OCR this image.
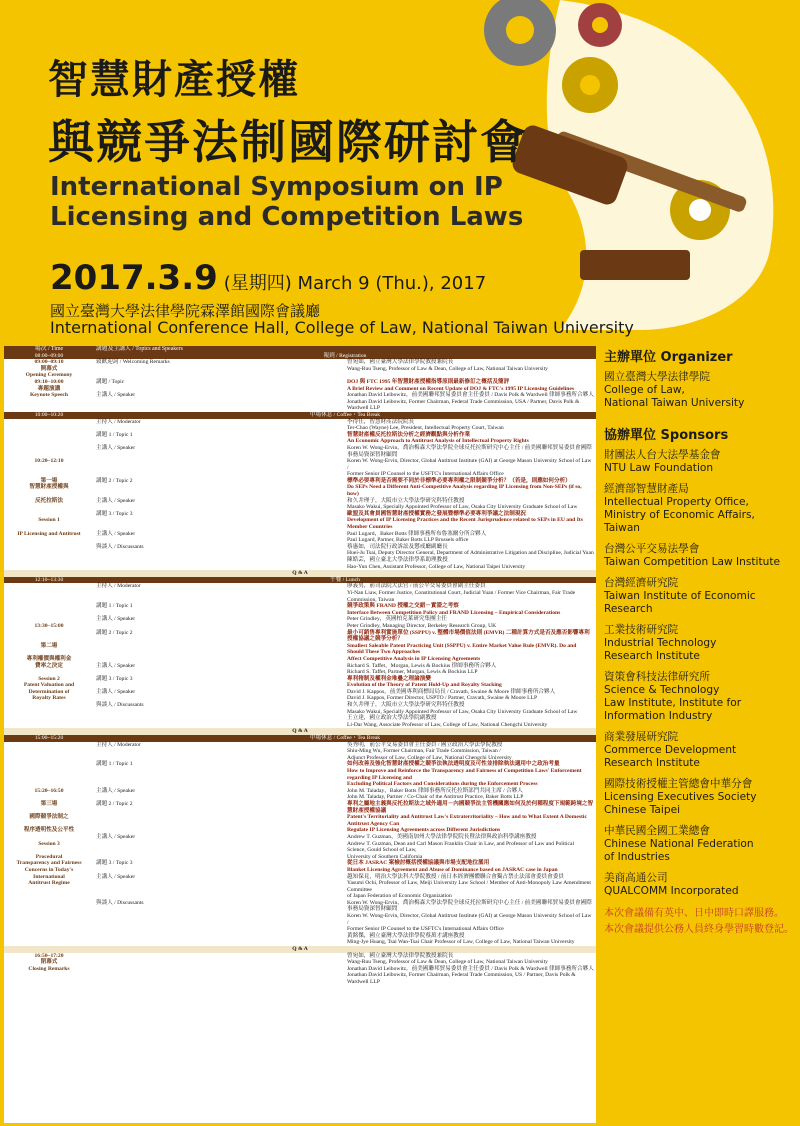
智慧財產授權
與競爭法制國際研討會
International Symposium on IP
Licensing and Competition Laws
2017.3.9 (星期四) March 9 (Thu.), 2017
國立臺灣大學法律學院霖澤館國際會議廳
International Conference Hall, College of Law, National Taiwan University
場次 / Time	講題及主講人 / Topics and Speakers	
08:00~09:00	報到 / Registration	
09:00~09:10	致歡迎詞 / Welcoming Remarks	曾宛如，國立臺灣大學法律學院教授兼院長
開幕式		Wang-Ruu Tseng, Professor of Law & Dean, College of Law, National Taiwan University
Opening Ceremony		
09:10~10:00	講題 / Topic	DOJ 與 FTC 1995 年智慧財產授權指導原則最新修訂之概括及簡評
專題演講		A Brief Review and Comment on Recent Update of DOJ & FTC's 1995 IP Licensing Guidelines
Keynote Speech	主講人 / Speaker	Jonathan David Leibowitz，前美國聯邦貿易委員會主任委員 / Davis Polk & Wardwell 律師事務所合夥人
		Jonathan David Leibowitz, Former Chairman, Federal Trade Commission, USA / Partner, Davis Polk & Wardwell LLP
10:00~10:20	中場休息 / Coffee・Tea Break	
	主持人 / Moderator	李得仕，智慧財產法院院長
		Ter-Chao (Wayne) Lee, President, Intellectual Property Court, Taiwan
	講題 1 / Topic 1	智慧財產權反托拉斯法分析之經濟觀點與分析作業
		An Economic Approach to Antitrust Analysis of Intellectual Property Rights
	主講人 / Speaker	Koren W. Wong-Ervin，喬治梅森大學法學院全球反托拉斯研究中心主任 / 前美國聯邦貿易委員會國際事務局資深智財顧問
10:20~12:10		Koren W. Wong-Ervin, Director, Global Antitrust Institute (GAI) at George Mason University School of Law /
		Former Senior IP Counsel to the USFTC's International Affairs Office
第一場	講題 2 / Topic 2	標準必要專利是否需要不同於非標準必要專利權之限制競爭分析？（若是，則應如何分析）
智慧財產授權與		Do SEPs Need a Different Anti-Competitive Analysis regarding IP Licensing from Non-SEPs (if so, how)
反托拉斯法	主講人 / Speaker	和久井理子，大阪市立大學法學研究科特任教授
		Masako Wakui, Specially Appointed Professor of Law, Osaka City University Graduate School of Law
	講題 3 / Topic 3	歐盟及其會員國智慧財產授權實務之發展暨標準必要專利爭議之法制現況
Session 1		Development of IP Licensing Practices and the Recent Jurisprudence related to SEPs in EU and Its Member Countries
IP Licensing and Antitrust	主講人 / Speaker	Paul Lugard，Baker Botts 律師事務所布魯塞爾分所合夥人
		Paul Lugard, Partner, Baker Botts LLP Brussels office
	與談人 / Discussants	蔡惠如，司法院行政訴訟及懲戒廳副廳長
		Huei-Ju Tsai, Deputy Director General, Department of Administrative Litigation and Discipline, Judicial Yuan
		陳皓芸，國立臺北大學法律學系助理教授
		Hao-Yun Chen, Assistant Professor, College of Law, National Taipei University
Q & A		
12:10~13:30	午餐 / Lunch	
	主持人 / Moderator	廖義男，前司法院大法官 / 前公平交易委員會副主任委員
		Yi-Nan Liaw, Former Justice, Constitutional Court, Judicial Yuan / Former Vice Chairman, Fair Trade Commission, Taiwan
	講題 1 / Topic 1	競爭政策與 FRAND 授權之交錯－實證之考察
		Interface Between Competition Policy and FRAND Licensing – Empirical Considerations
	主講人 / Speaker	Peter Grindley，英國柏克萊研究集團主任
13:30~15:00		Peter Grindley, Managing Director, Berkeley Research Group, UK
	講題 2 / Topic 2	最小可銷售專利實施單位 (SSPPU) v. 整體市場價值法則 (EMVR) 二種計算方式是否及應否影響專利授權協議之競爭分析？
第二場		Smallest Saleable Patent Practicing Unit (SSPPU) v. Entire Market Value Rule (EMVR). Do and Should These Two Approaches
專利權價與權利金		Affect Competitive Analysis in IP Licensing Agreements
費率之決定	主講人 / Speaker	Richard S. Taffet，Morgan, Lewis & Bockius 律師事務所合夥人
		Richard S. Taffet, Partner, Morgan, Lewis & Bockius LLP
Session 2	講題 3 / Topic 3	專利箝制及權利金堆疊之理論演變
Patent Valuation and		Evolution of the Theory of Patent Hold-Up and Royalty Stacking
Determination of	主講人 / Speaker	David J. Kappos，前美國專利商標局局長 / Cravath, Swaine & Moore 律師事務所合夥人
Royalty Rates		David J. Kappos, Former Director, USPTO / Partner, Cravath, Swaine & Moore LLP
	與談人 / Discussants	和久井理子，大阪市立大學法學研究科特任教授
		Masako Wakui, Specially Appointed Professor of Law, Osaka City University Graduate School of Law
		王立達，國立政治大學法學院副教授
		Li-Dar Wang, Associate Professor of Law, College of Law, National Chengchi University
Q & A		
15:00~15:20	中場休息 / Coffee・Tea Break	
	主持人 / Moderator	吳秀明，前公平交易委員會主任委員 / 國立政治大學法學院教授
		Shiu-Ming Wu, Former Chairman, Fair Trade Commission, Taiwan /
		Adjunct Professor of Law, College of Law, National Chengchi University
	講題 1 / Topic 1	如何改善及強化智慧財產授權之競爭法執法透明度及可性並排除執法適用中之政治考量
		How to Improve and Reinforce the Transparency and Fairness of Competition Laws' Enforcement regarding IP Licensing and
		Excluding Political Factors and Considerations during the Enforcement Process
15:20~16:50	主講人 / Speaker	John M. Taladay，Baker Botts 律師事務所反托拉斯部門共同主席 / 合夥人
		John M. Taladay, Partner / Co-Chair of the Antitrust Practice, Baker Botts LLP
第三場	講題 2 / Topic 2	專利之屬地主義與反托拉斯法之域外適用－內國競爭法主管機關應如何及於何種程度下規範跨境之智慧財產授權協議
國際競爭法制之		Patent's Territoriality and Antitrust Law's Extraterritoriality – How and to What Extent A Domestic Antitrust Agency Can
程序透明性及公平性		Regulate IP Licensing Agreements across Different Jurisdictions
	主講人 / Speaker	Andrew T. Guzman，美國南加州大學法律學院院長暨法律與政治科學講座教授
Session 3		Andrew T. Guzman, Dean and Carl Mason Franklin Chair in Law, and Professor of Law and Political Science, Gould School of Law,
Procedural		University of Southern California
Transparency and Fairness	講題 3 / Topic 3	從日本 JASRAC 案檢討概括授權協議與市場支配地位濫用
Concerns in Today's		Blanket Licensing Agreement and Abuse of Dominance based on JASRAC case in Japan
International	主講人 / Speaker	越知保見，明治大學法科大學院教授 / 前日本經濟團體聯合會獨占禁止法部會委員會委員
Antitrust Regime		Yasumi Ochi, Professor of Law, Meiji University Law School / Member of Anti-Monopoly Law Amendment Committee
		of Japan Federation of Economic Organization
	與談人 / Discussants	Koren W. Wong-Ervin，喬治梅森大學法學院全球反托拉斯研究中心主任 / 前美國聯邦貿易委員會國際事務局資深智財顧問
		Koren W. Wong-Ervin, Director, Global Antitrust Institute (GAI) at George Mason University School of Law /
		Former Senior IP Counsel to the USFTC's International Affairs Office
		黃銘傑，國立臺灣大學法律學院蔡萬才講座教授
		Ming-Jye Huang, Tsai Wan-Tsai Chair Professor of Law, College of Law, National Taiwan University
Q & A		
16:50~17:20		曾宛如，國立臺灣大學法律學院教授兼院長
閉幕式		Wang-Ruu Tseng, Professor of Law & Dean, College of Law, National Taiwan University
Closing Remarks		Jonathan David Leibowitz，前美國聯邦貿易委員會主任委員 / Davis Polk & Wardwell 律師事務所合夥人
		Jonathan David Leibowitz, Former Chairman, Federal Trade Commission, US / Partner, Davis Polk & Wardwell LLP
主辦單位 Organizer
國立臺灣大學法律學院
College of Law,
National Taiwan University
協辦單位 Sponsors
財團法人台大法學基金會
NTU Law Foundation
經濟部智慧財產局
Intellectual Property Office,
Ministry of Economic Affairs,
Taiwan
台灣公平交易法學會
Taiwan Competition Law Institute
台灣經濟研究院
Taiwan Institute of Economic
Research
工業技術研究院
Industrial Technology
Research Institute
資策會科技法律研究所
Science & Technology
Law Institute, Institute for
Information Industry
商業發展研究院
Commerce Development
Research Institute
國際技術授權主管總會中華分會
Licensing Executives Society
Chinese Taipei
中華民國全國工業總會
Chinese National Federation
of Industries
美商高通公司
QUALCOMM Incorporated
本次會議備有英中、日中即時口譯服務。
本次會議提供公務人員終身學習時數登記。
